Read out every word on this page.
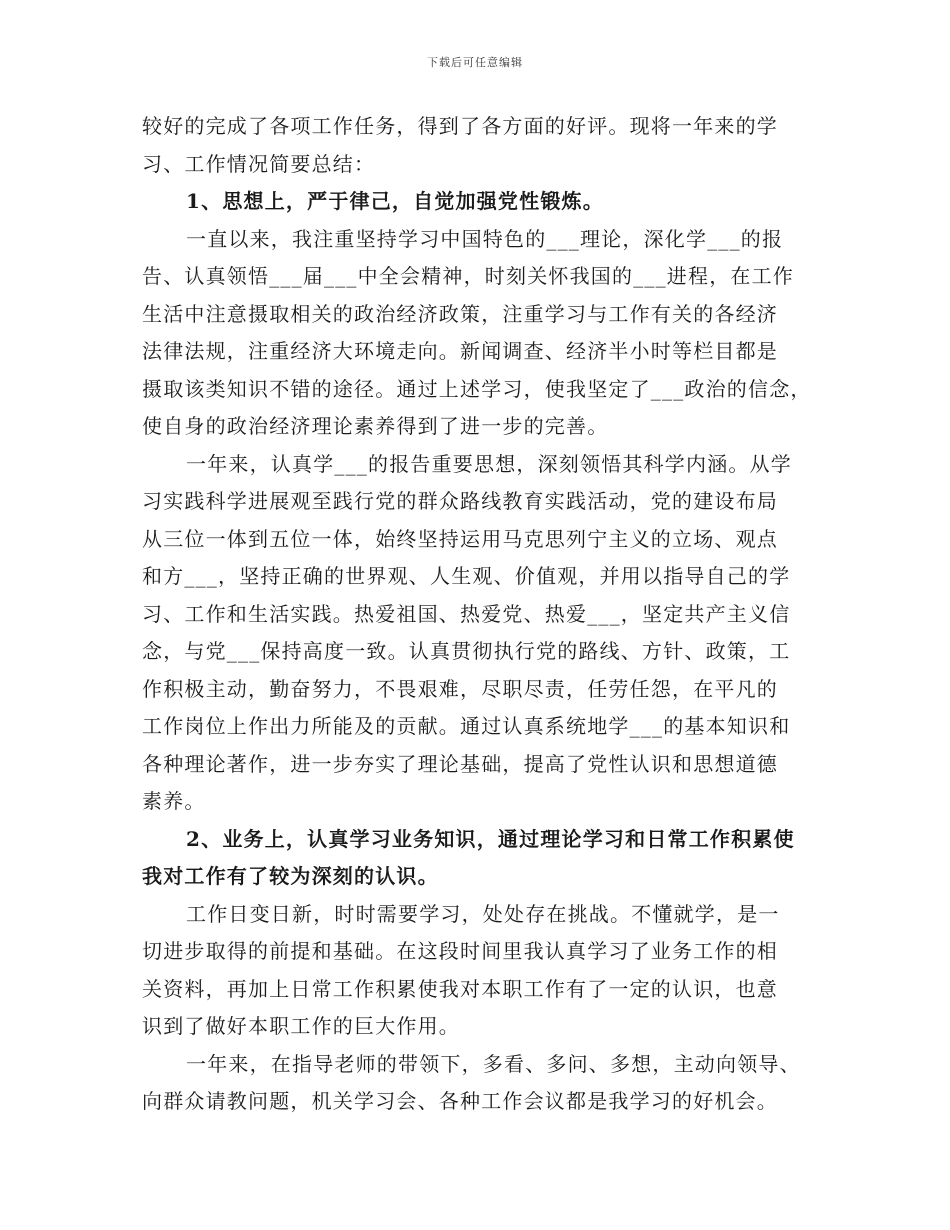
下载后可任意编辑
较好的完成了各项工作任务，得到了各方面的好评。现将一年来的学
习、工作情况简要总结：
1、思想上，严于律己，自觉加强党性锻炼。
一直以来，我注重坚持学习中国特色的___理论，深化学___的报
告、认真领悟___届___中全会精神，时刻关怀我国的___进程，在工作
生活中注意摄取相关的政治经济政策，注重学习与工作有关的各经济
法律法规，注重经济大环境走向。新闻调查、经济半小时等栏目都是
摄取该类知识不错的途径。通过上述学习，使我坚定了___政治的信念，
使自身的政治经济理论素养得到了进一步的完善。
一年来，认真学___的报告重要思想，深刻领悟其科学内涵。从学
习实践科学进展观至践行党的群众路线教育实践活动，党的建设布局
从三位一体到五位一体，始终坚持运用马克思列宁主义的立场、观点
和方___，坚持正确的世界观、人生观、价值观，并用以指导自己的学
习、工作和生活实践。热爱祖国、热爱党、热爱___，坚定共产主义信
念，与党___保持高度一致。认真贯彻执行党的路线、方针、政策，工
作积极主动，勤奋努力，不畏艰难，尽职尽责，任劳任怨，在平凡的
工作岗位上作出力所能及的贡献。通过认真系统地学___的基本知识和
各种理论著作，进一步夯实了理论基础，提高了党性认识和思想道德
素养。
2、业务上，认真学习业务知识，通过理论学习和日常工作积累使
我对工作有了较为深刻的认识。
工作日变日新，时时需要学习，处处存在挑战。不懂就学，是一
切进步取得的前提和基础。在这段时间里我认真学习了业务工作的相
关资料，再加上日常工作积累使我对本职工作有了一定的认识，也意
识到了做好本职工作的巨大作用。
一年来，在指导老师的带领下，多看、多问、多想，主动向领导、
向群众请教问题，机关学习会、各种工作会议都是我学习的好机会。
